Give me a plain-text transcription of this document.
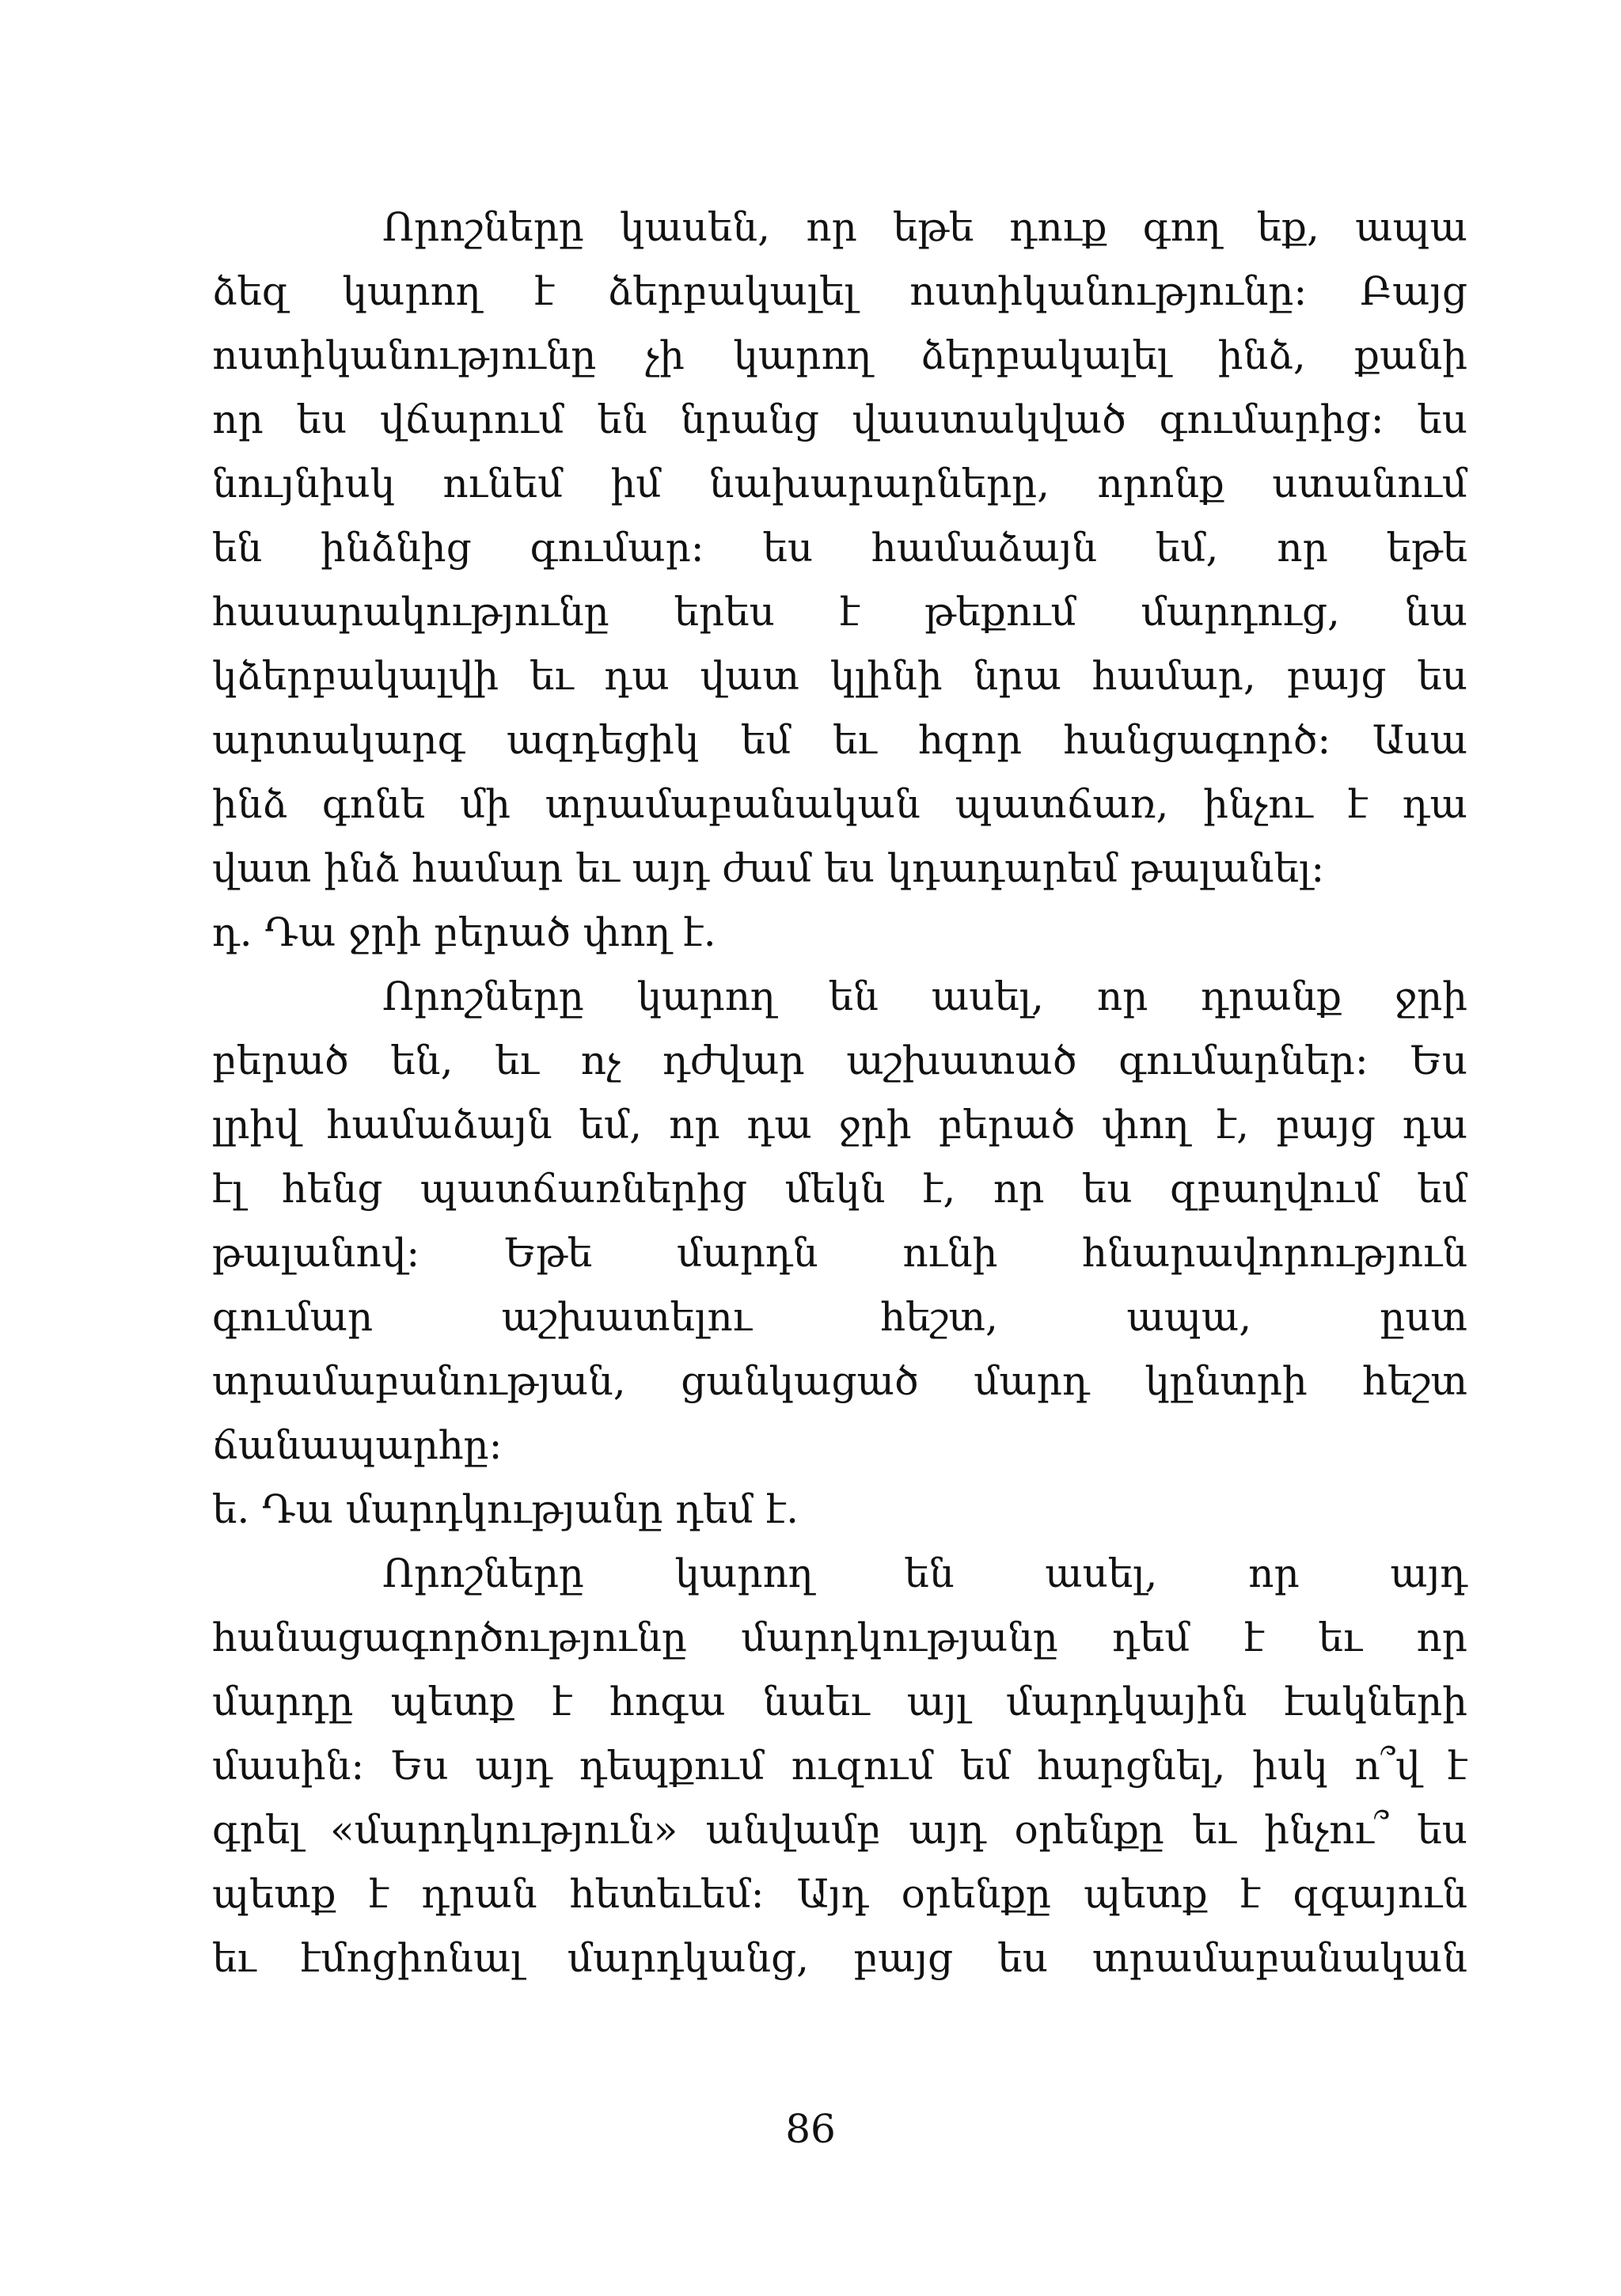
Որոշները կասեն, որ եթե դուք գող եք, ապա
ձեզ կարող է ձերբակալել ոստիկանությունը: Բայց
ոստիկանությունը չի կարող ձերբակալել ինձ, քանի
որ ես վճարում են նրանց վաստակված գումարից: ես
նույնիսկ ունեմ իմ նախարարները, որոնք ստանում
են ինձնից գումար: ես համաձայն եմ, որ եթե
հասարակությունը երես է թեքում մարդուց, նա
կձերբակալվի եւ դա վատ կլինի նրա համար, բայց ես
արտակարգ ազդեցիկ եմ եւ հզոր հանցագործ: Ասա
ինձ գոնե մի տրամաբանական պատճառ, ինչու է դա
վատ ինձ համար եւ այդ ժամ ես կդադարեմ թալանել:
դ. Դա ջրի բերած փող է.
Որոշները կարող են ասել, որ դրանք ջրի
բերած են, եւ ոչ դժվար աշխատած գումարներ: Ես
լրիվ համաձայն եմ, որ դա ջրի բերած փող է, բայց դա
էլ հենց պատճառներից մեկն է, որ ես զբաղվում եմ
թալանով: Եթե մարդն ունի հնարավորություն
գումար աշխատելու հեշտ, ապա, ըստ
տրամաբանության, ցանկացած մարդ կընտրի հեշտ
ճանապարհը:
ե. Դա մարդկությանը դեմ է.
Որոշները կարող են ասել, որ այդ
հանացագործությունը մարդկությանը դեմ է եւ որ
մարդը պետք է հոգա նաեւ այլ մարդկային էակների
մասին: Ես այդ դեպքում ուզում եմ հարցնել, իսկ ո՞վ է
գրել «մարդկություն» անվամբ այդ օրենքը եւ ինչու՞ ես
պետք է դրան հետեւեմ: Այդ օրենքը պետք է զգայուն
եւ էմոցիոնալ մարդկանց, բայց ես տրամաբանական
86
